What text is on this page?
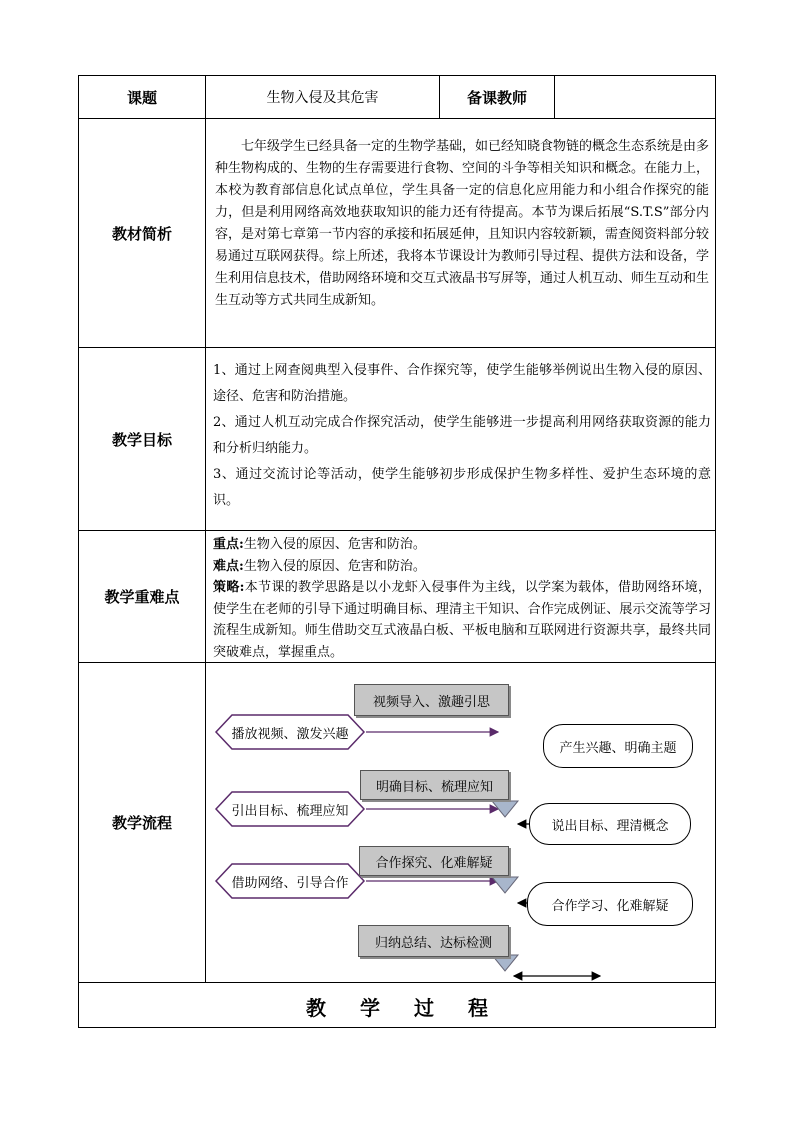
课题	生物入侵及其危害	备课教师
教材简析

七年级学生已经具备一定的生物学基础，如已经知晓食物链的概念生态系统是由多种生物构成的、生物的生存需要进行食物、空间的斗争等相关知识和概念。在能力上，本校为教育部信息化试点单位，学生具备一定的信息化应用能力和小组合作探究的能力，但是利用网络高效地获取知识的能力还有待提高。本节为课后拓展“S.T.S”部分内容，是对第七章第一节内容的承接和拓展延伸，且知识内容较新颖，需查阅资料部分较易通过互联网获得。综上所述，我将本节课设计为教师引导过程、提供方法和设备，学生利用信息技术，借助网络环境和交互式液晶书写屏等，通过人机互动、师生互动和生生互动等方式共同生成新知。

教学目标

1、通过上网查阅典型入侵事件、合作探究等，使学生能够举例说出生物入侵的原因、途径、危害和防治措施。

2、通过人机互动完成合作探究活动，使学生能够进一步提高利用网络获取资源的能力和分析归纳能力。

3、通过交流讨论等活动，使学生能够初步形成保护生物多样性、爱护生态环境的意识。

教学重难点

重点:生物入侵的原因、危害和防治。

难点:生物入侵的原因、危害和防治。

策略:本节课的教学思路是以小龙虾入侵事件为主线，以学案为载体，借助网络环境，使学生在老师的引导下通过明确目标、理清主干知识、合作完成例证、展示交流等学习流程生成新知。师生借助交互式液晶白板、平板电脑和互联网进行资源共享，最终共同突破难点，掌握重点。

教学流程
视频导入、激趣引思
明确目标、梳理应知
合作探究、化难解疑
归纳总结、达标检测
播放视频、激发兴趣
引出目标、梳理应知
借助网络、引导合作
产生兴趣、明确主题
说出目标、理清概念
合作学习、化难解疑
教学过程
